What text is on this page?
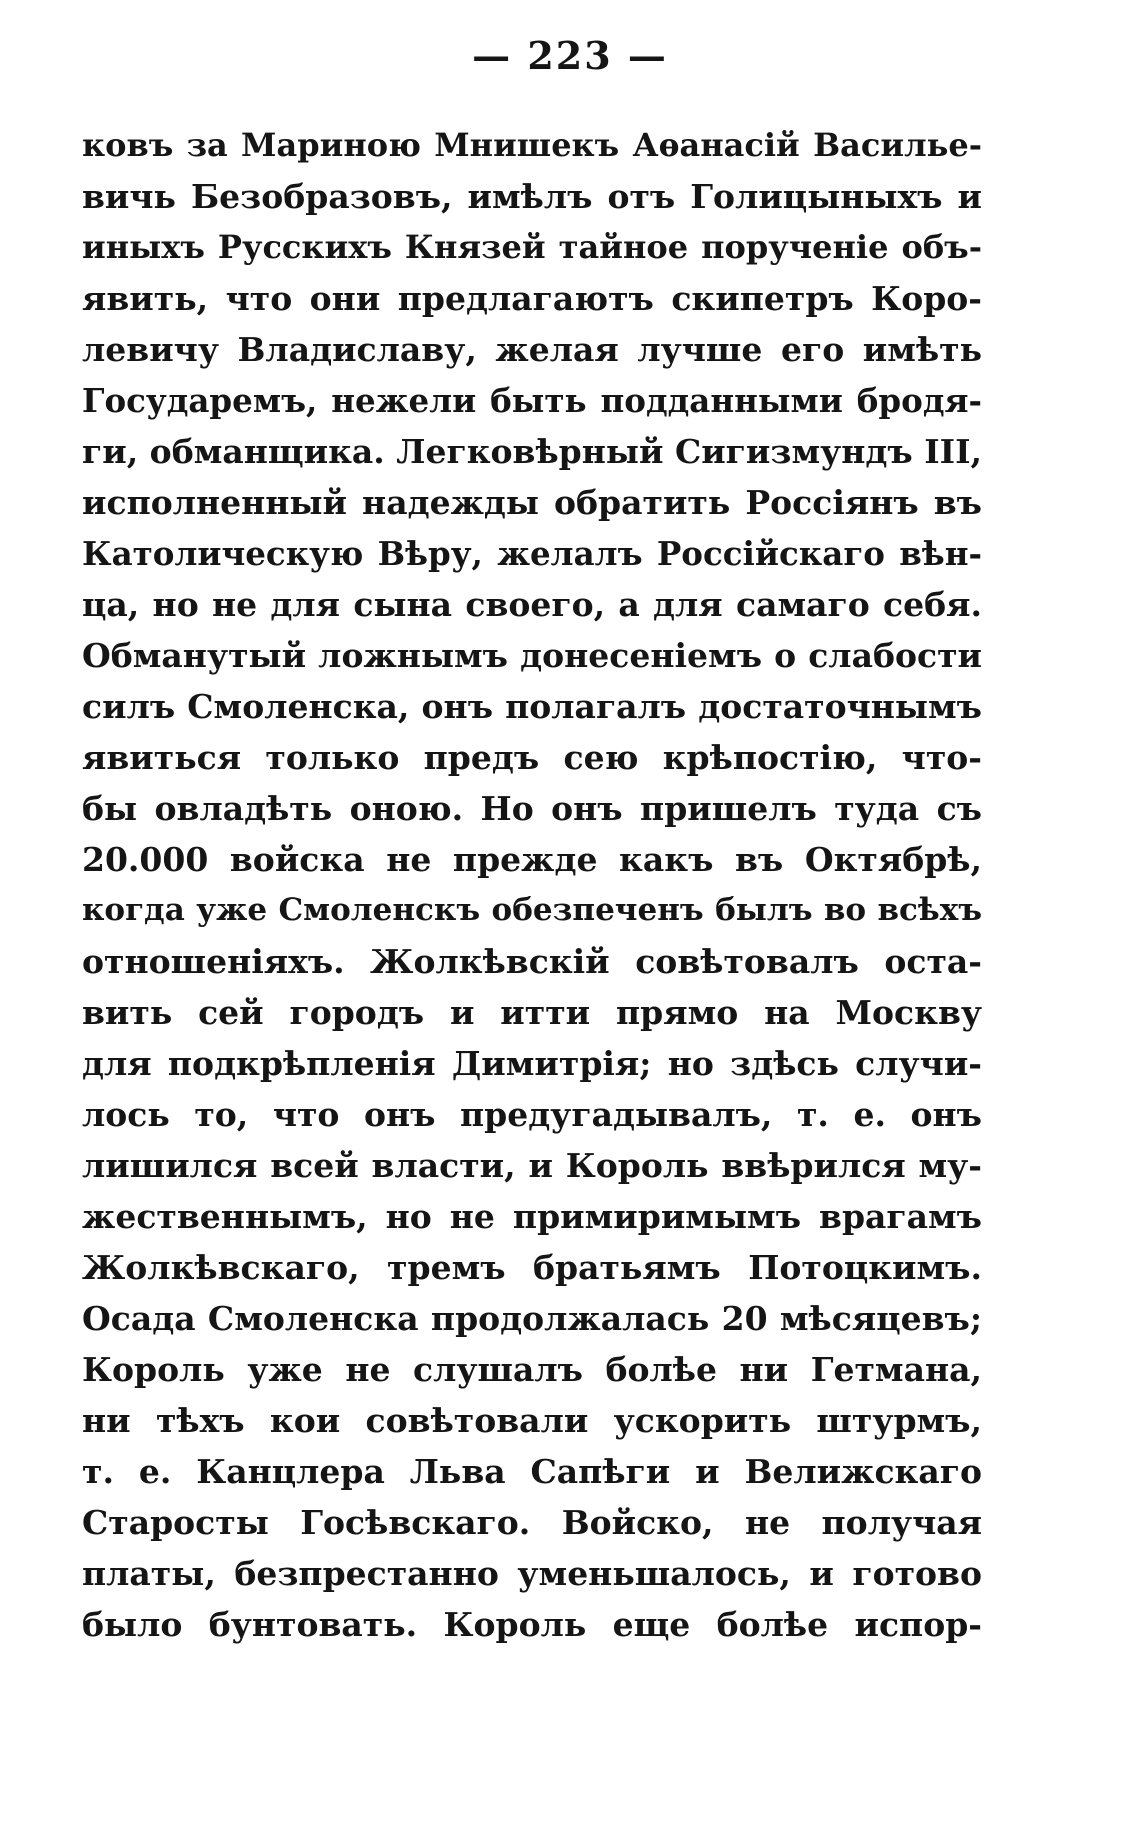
— 223 —
ковъ за Мариною Мнишекъ Аѳанасій Василье-
вичь Безобразовъ, имѣлъ отъ Голицыныхъ и
иныхъ Русскихъ Князей тайное порученіе объ-
явить, что они предлагаютъ скипетръ Коро-
левичу Владиславу, желая лучше его имѣть
Государемъ, нежели быть подданными бродя-
ги, обманщика. Легковѣрный Сигизмундъ III,
исполненный надежды обратить Россіянъ въ
Католическую Вѣру, желалъ Россійскаго вѣн-
ца, но не для сына своего, а для самаго себя.
Обманутый ложнымъ донесеніемъ о слабости
силъ Смоленска, онъ полагалъ достаточнымъ
явиться только предъ сею крѣпостію, что-
бы овладѣть оною. Но онъ пришелъ туда съ
20.000 войска не прежде какъ въ Октябрѣ,
когда уже Смоленскъ обезпеченъ былъ во всѣхъ
отношеніяхъ. Жолкѣвскій совѣтовалъ оста-
вить сей городъ и итти прямо на Москву
для подкрѣпленія Димитрія; но здѣсь случи-
лось то, что онъ предугадывалъ, т. е. онъ
лишился всей власти, и Король ввѣрился му-
жественнымъ, но не примиримымъ врагамъ
Жолкѣвскаго, тремъ братьямъ Потоцкимъ.
Осада Смоленска продолжалась 20 мѣсяцевъ;
Король уже не слушалъ болѣе ни Гетмана,
ни тѣхъ кои совѣтовали ускорить штурмъ,
т. е. Канцлера Льва Сапѣги и Велижскаго
Старосты Госѣвскаго. Войско, не получая
платы, безпрестанно уменьшалось, и готово
было бунтовать. Король еще болѣе испор-
